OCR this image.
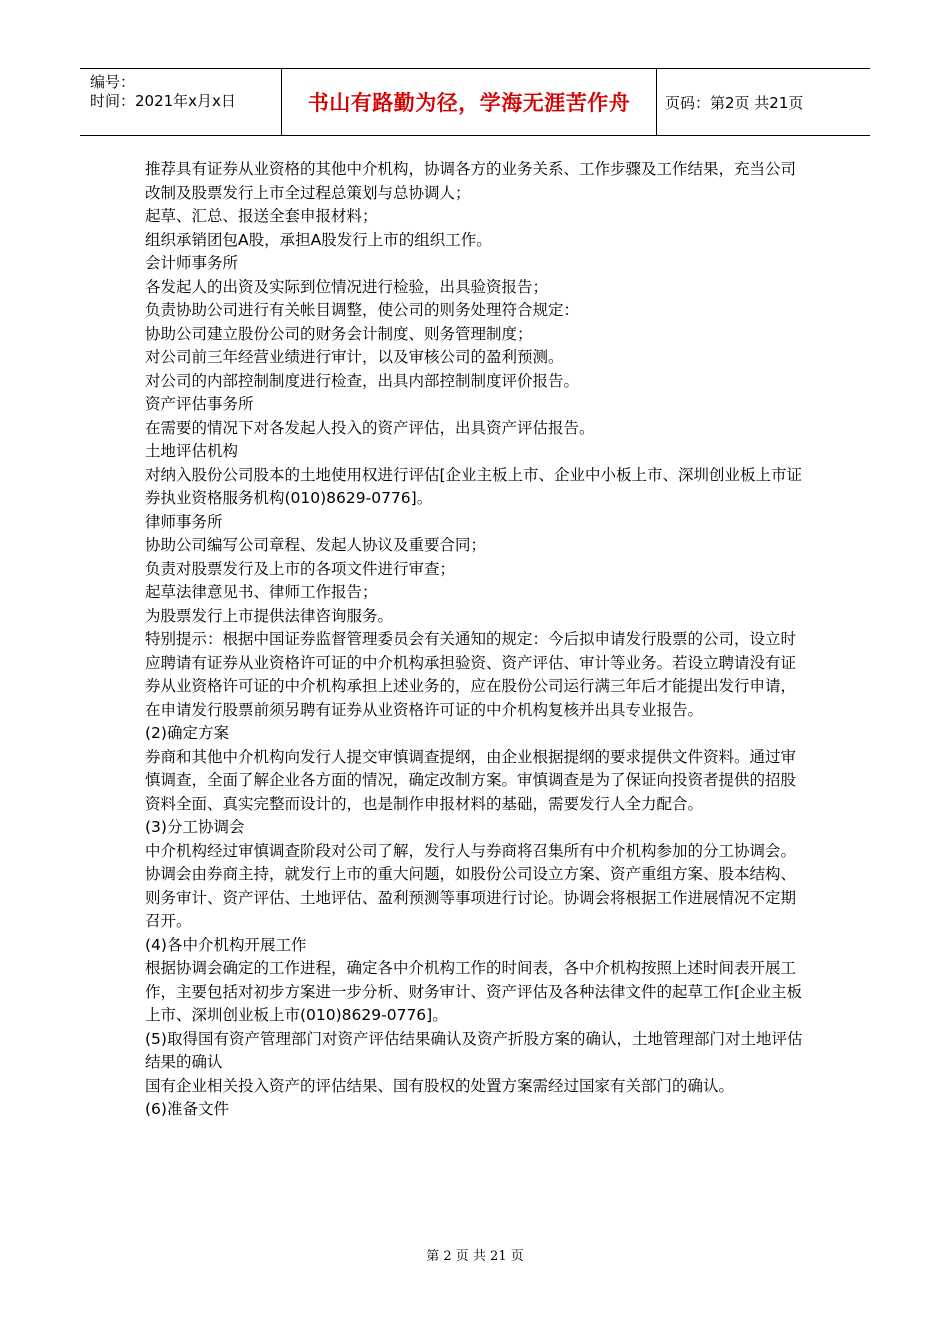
编号：
时间：2021年x月x日	书山有路勤为径，学海无涯苦作舟	页码：第2页 共21页

推荐具有证券从业资格的其他中介机构，协调各方的业务关系、工作步骤及工作结果，充当公司改制及股票发行上市全过程总策划与总协调人；

起草、汇总、报送全套申报材料；

组织承销团包A股，承担A股发行上市的组织工作。

会计师事务所

各发起人的出资及实际到位情况进行检验，出具验资报告；

负责协助公司进行有关帐目调整，使公司的则务处理符合规定：

协助公司建立股份公司的财务会计制度、则务管理制度；

对公司前三年经营业绩进行审计，以及审核公司的盈利预测。

对公司的内部控制制度进行检查，出具内部控制制度评价报告。

资产评估事务所

在需要的情况下对各发起人投入的资产评估，出具资产评估报告。

土地评估机构

对纳入股份公司股本的土地使用权进行评估[企业主板上市、企业中小板上市、深圳创业板上市证券执业资格服务机构(010)8629-0776]。

律师事务所

协助公司编写公司章程、发起人协议及重要合同；

负责对股票发行及上市的各项文件进行审查；

起草法律意见书、律师工作报告；

为股票发行上市提供法律咨询服务。

特别提示：根据中国证券监督管理委员会有关通知的规定：今后拟申请发行股票的公司，设立时应聘请有证券从业资格许可证的中介机构承担验资、资产评估、审计等业务。若设立聘请没有证券从业资格许可证的中介机构承担上述业务的，应在股份公司运行满三年后才能提出发行申请，在申请发行股票前须另聘有证券从业资格许可证的中介机构复核并出具专业报告。

(2)确定方案

券商和其他中介机构向发行人提交审慎调查提纲，由企业根据提纲的要求提供文件资料。通过审慎调查，全面了解企业各方面的情况，确定改制方案。审慎调查是为了保证向投资者提供的招股资料全面、真实完整而设计的，也是制作申报材料的基础，需要发行人全力配合。

(3)分工协调会

中介机构经过审慎调查阶段对公司了解，发行人与券商将召集所有中介机构参加的分工协调会。协调会由券商主持，就发行上市的重大问题，如股份公司设立方案、资产重组方案、股本结构、则务审计、资产评估、土地评估、盈利预测等事项进行讨论。协调会将根据工作进展情况不定期召开。

(4)各中介机构开展工作

根据协调会确定的工作进程，确定各中介机构工作的时间表，各中介机构按照上述时间表开展工作，主要包括对初步方案进一步分析、财务审计、资产评估及各种法律文件的起草工作[企业主板上市、深圳创业板上市(010)8629-0776]。

(5)取得国有资产管理部门对资产评估结果确认及资产折股方案的确认，土地管理部门对土地评估结果的确认

国有企业相关投入资产的评估结果、国有股权的处置方案需经过国家有关部门的确认。

(6)准备文件

第 2 页 共 21 页
